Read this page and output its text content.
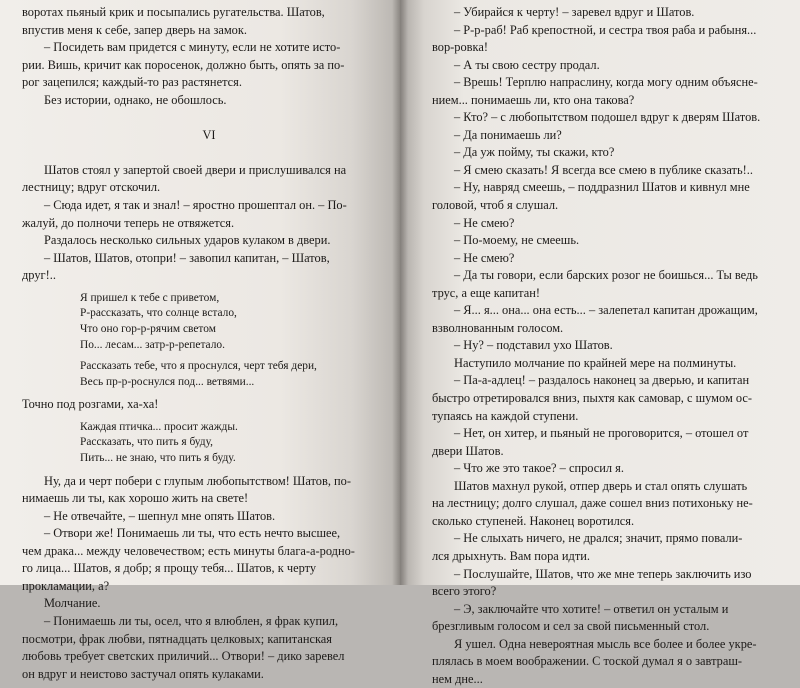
воротах пьяный крик и посыпались ругательства. Шатов,
впустив меня к себе, запер дверь на замок.
– Посидеть вам придется с минуту, если не хотите исто-
рии. Вишь, кричит как поросенок, должно быть, опять за по-
рог зацепился; каждый-то раз растянется.
Без истории, однако, не обошлось.
VI
Шатов стоял у запертой своей двери и прислушивался на
лестницу; вдруг отскочил.
– Сюда идет, я так и знал! – яростно прошептал он. – По-
жалуй, до полночи теперь не отвяжется.
Раздалось несколько сильных ударов кулаком в двери.
– Шатов, Шатов, отопри! – завопил капитан, – Шатов,
друг!..
Я пришел к тебе с приветом,
Р-рассказать, что солнце встало,
Что оно гор-р-рячим светом
По... лесам... затр-р-репетало.
Рассказать тебе, что я проснулся, черт тебя дери,
Весь пр-р-роснулся под... ветвями...
Точно под розгами, ха-ха!
Каждая птичка... просит жажды.
Рассказать, что пить я буду,
Пить... не знаю, что пить я буду.
Ну, да и черт побери с глупым любопытством! Шатов, по-
нимаешь ли ты, как хорошо жить на свете!
– Не отвечайте, – шепнул мне опять Шатов.
– Отвори же! Понимаешь ли ты, что есть нечто высшее,
чем драка... между человечеством; есть минуты блага-а-родно-
го лица... Шатов, я добр; я прощу тебя... Шатов, к черту
прокламации, а?
Молчание.
– Понимаешь ли ты, осел, что я влюблен, я фрак купил,
посмотри, фрак любви, пятнадцать целковых; капитанская
любовь требует светских приличий... Отвори! – дико заревел
он вдруг и неистово застучал опять кулаками.
– Убирайся к черту! – заревел вдруг и Шатов.
– Р-р-раб! Раб крепостной, и сестра твоя раба и рабыня...
вор-ровка!
– А ты свою сестру продал.
– Врешь! Терплю напраслину, когда могу одним объясне-
нием... понимаешь ли, кто она такова?
– Кто? – с любопытством подошел вдруг к дверям Шатов.
– Да понимаешь ли?
– Да уж пойму, ты скажи, кто?
– Я смею сказать! Я всегда все смею в публике сказать!..
– Ну, навряд смеешь, – поддразнил Шатов и кивнул мне
головой, чтоб я слушал.
– Не смею?
– По-моему, не смеешь.
– Не смею?
– Да ты говори, если барских розог не боишься... Ты ведь
трус, а еще капитан!
– Я... я... она... она есть... – залепетал капитан дрожащим,
взволнованным голосом.
– Ну? – подставил ухо Шатов.
Наступило молчание по крайней мере на полминуты.
– Па-а-адлец! – раздалось наконец за дверью, и капитан
быстро отретировался вниз, пыхтя как самовар, с шумом ос-
тупаясь на каждой ступени.
– Нет, он хитер, и пьяный не проговорится, – отошел от
двери Шатов.
– Что же это такое? – спросил я.
Шатов махнул рукой, отпер дверь и стал опять слушать
на лестницу; долго слушал, даже сошел вниз потихоньку не-
сколько ступеней. Наконец воротился.
– Не слыхать ничего, не дрался; значит, прямо повали-
лся дрыхнуть. Вам пора идти.
– Послушайте, Шатов, что же мне теперь заключить изо
всего этого?
– Э, заключайте что хотите! – ответил он усталым и
брезгливым голосом и сел за свой письменный стол.
Я ушел. Одна невероятная мысль все более и более укре-
плялась в моем воображении. С тоской думал я о завтраш-
нем дне...
